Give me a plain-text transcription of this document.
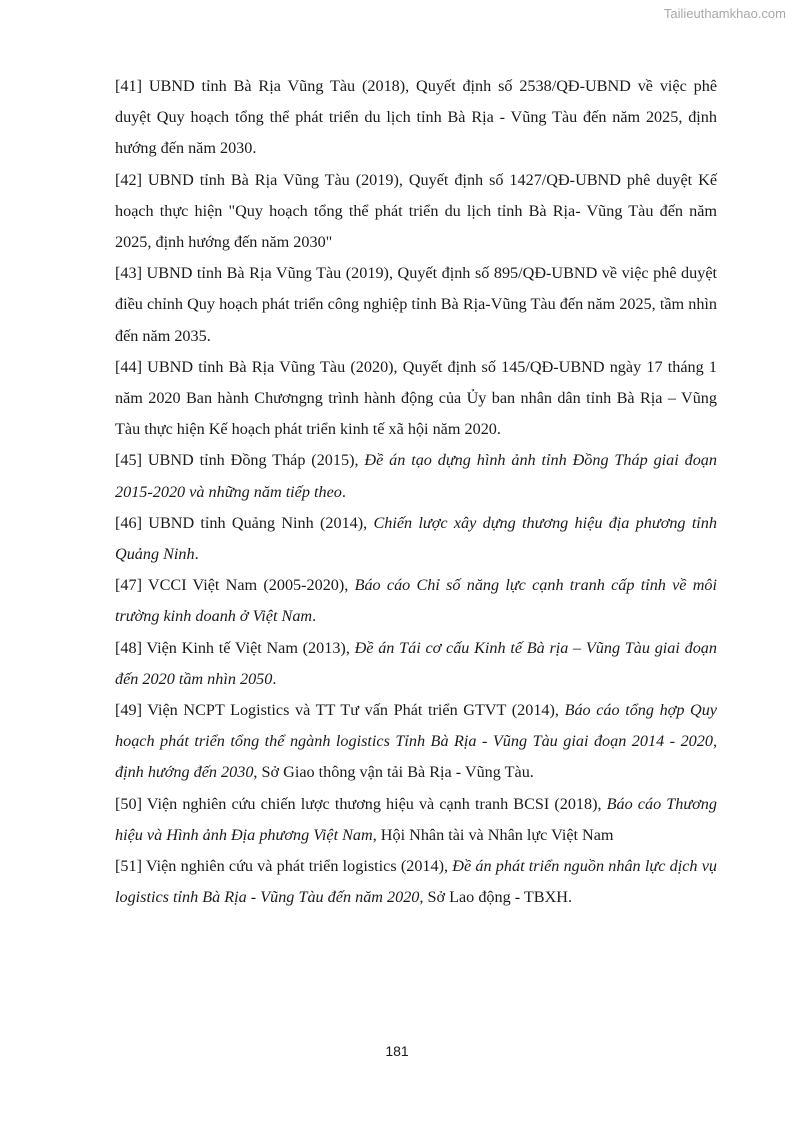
Tailieuthamkhao.com

[41] UBND tỉnh Bà Rịa Vũng Tàu (2018), Quyết định số 2538/QĐ-UBND về việc phê duyệt Quy hoạch tổng thể phát triển du lịch tỉnh Bà Rịa - Vũng Tàu đến năm 2025, định hướng đến năm 2030.

[42] UBND tỉnh Bà Rịa Vũng Tàu (2019), Quyết định số 1427/QĐ-UBND phê duyệt Kế hoạch thực hiện "Quy hoạch tổng thể phát triển du lịch tỉnh Bà Rịa- Vũng Tàu đến năm 2025, định hướng đến năm 2030"

[43] UBND tỉnh Bà Rịa Vũng Tàu (2019), Quyết định số 895/QĐ-UBND về việc phê duyệt điều chỉnh Quy hoạch phát triển công nghiệp tỉnh Bà Rịa-Vũng Tàu đến năm 2025, tầm nhìn đến năm 2035.

[44] UBND tỉnh Bà Rịa Vũng Tàu (2020), Quyết định số 145/QĐ-UBND ngày 17 tháng 1 năm 2020 Ban hành Chươngng trình hành động của Ủy ban nhân dân tỉnh Bà Rịa – Vũng Tàu thực hiện Kế hoạch phát triển kinh tế xã hội năm 2020.

[45] UBND tỉnh Đồng Tháp (2015), Đề án tạo dựng hình ảnh tỉnh Đồng Tháp giai đoạn 2015-2020 và những năm tiếp theo.

[46] UBND tỉnh Quảng Ninh (2014), Chiến lược xây dựng thương hiệu địa phương tỉnh Quảng Ninh.

[47] VCCI Việt Nam (2005-2020), Báo cáo Chỉ số năng lực cạnh tranh cấp tỉnh về môi trường kinh doanh ở Việt Nam.

[48] Viện Kinh tế Việt Nam (2013), Đề án Tái cơ cấu Kinh tế Bà rịa – Vũng Tàu giai đoạn đến 2020 tầm nhìn 2050.

[49] Viện NCPT Logistics và TT Tư vấn Phát triển GTVT (2014), Báo cáo tổng hợp Quy hoạch phát triển tổng thể ngành logistics Tỉnh Bà Rịa - Vũng Tàu giai đoạn 2014 - 2020, định hướng đến 2030, Sở Giao thông vận tải Bà Rịa - Vũng Tàu.

[50] Viện nghiên cứu chiến lược thương hiệu và cạnh tranh BCSI (2018), Báo cáo Thương hiệu và Hình ảnh Địa phương Việt Nam, Hội Nhân tài và Nhân lực Việt Nam

[51] Viện nghiên cứu và phát triển logistics (2014), Đề án phát triển nguồn nhân lực dịch vụ logistics tỉnh Bà Rịa - Vũng Tàu đến năm 2020, Sở Lao động - TBXH.

181
